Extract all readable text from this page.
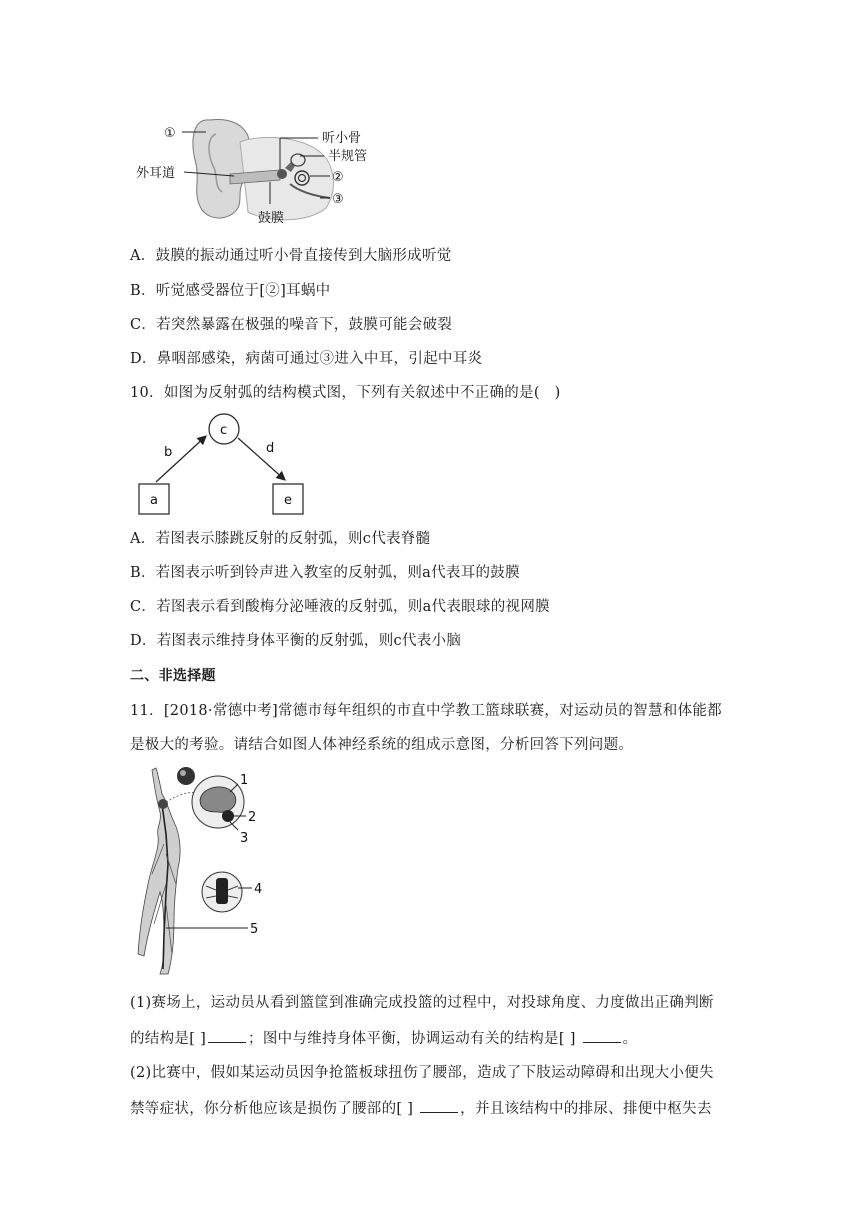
①
外耳道
听小骨
半规管
②
③
鼓膜
A．鼓膜的振动通过听小骨直接传到大脑形成听觉
B．听觉感受器位于[②]耳蜗中
C．若突然暴露在极强的噪音下，鼓膜可能会破裂
D．鼻咽部感染，病菌可通过③进入中耳，引起中耳炎
10．如图为反射弧的结构模式图，下列有关叙述中不正确的是(　)
a
b
c
d
e
A．若图表示膝跳反射的反射弧，则c代表脊髓
B．若图表示听到铃声进入教室的反射弧，则a代表耳的鼓膜
C．若图表示看到酸梅分泌唾液的反射弧，则a代表眼球的视网膜
D．若图表示维持身体平衡的反射弧，则c代表小脑
二、非选择题
11．[2018·常德中考]常德市每年组织的市直中学教工篮球联赛，对运动员的智慧和体能都
是极大的考验。请结合如图人体神经系统的组成示意图，分析回答下列问题。
1
2
3
4
5
(1)赛场上，运动员从看到篮筐到准确完成投篮的过程中，对投球角度、力度做出正确判断
的结构是[ ]	；图中与维持身体平衡，协调运动有关的结构是[ ]	。
(2)比赛中，假如某运动员因争抢篮板球扭伤了腰部，造成了下肢运动障碍和出现大小便失
禁等症状，你分析他应该是损伤了腰部的[ ]	，并且该结构中的排尿、排便中枢失去
